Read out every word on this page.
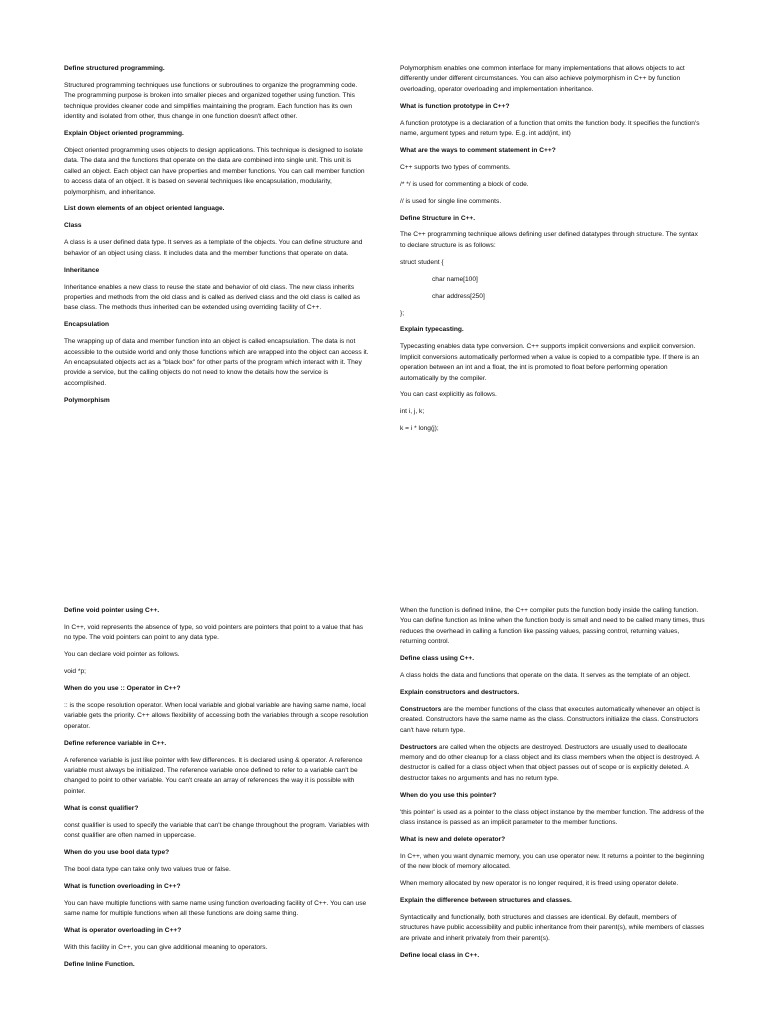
Define structured programming.

Structured programming techniques use functions or subroutines to organize the programming code. The programming purpose is broken into smaller pieces and organized together using function. This technique provides cleaner code and simplifies maintaining the program. Each function has its own identity and isolated from other, thus change in one function doesn't affect other.

Explain Object oriented programming.

Object oriented programming uses objects to design applications. This technique is designed to isolate data. The data and the functions that operate on the data are combined into single unit. This unit is called an object. Each object can have properties and member functions. You can call member function to access data of an object. It is based on several techniques like encapsulation, modularity, polymorphism, and inheritance.

List down elements of an object oriented language.

Class

A class is a user defined data type. It serves as a template of the objects. You can define structure and behavior of an object using class. It includes data and the member functions that operate on data.

Inheritance

Inheritance enables a new class to reuse the state and behavior of old class. The new class inherits properties and methods from the old class and is called as derived class and the old class is called as base class. The methods thus inherited can be extended using overriding facility of C++.

Encapsulation

The wrapping up of data and member function into an object is called encapsulation. The data is not accessible to the outside world and only those functions which are wrapped into the object can access it. An encapsulated objects act as a "black box" for other parts of the program which interact with it. They provide a service, but the calling objects do not need to know the details how the service is accomplished.

Polymorphism

Polymorphism enables one common interface for many implementations that allows objects to act differently under different circumstances. You can also achieve polymorphism in C++ by function overloading, operator overloading and implementation inheritance.

What is function prototype in C++?

A function prototype is a declaration of a function that omits the function body. It specifies the function's name, argument types and return type. E.g. int add(int, int)

What are the ways to comment statement in C++?

C++ supports two types of comments.

/* */ is used for commenting a block of code.

// is used for single line comments.

Define Structure in C++.

The C++ programming technique allows defining user defined datatypes through structure. The syntax to declare structure is as follows:

struct student {

char name[100]

char address[250]

};

Explain typecasting.

Typecasting enables data type conversion. C++ supports implicit conversions and explicit conversion. Implicit conversions automatically performed when a value is copied to a compatible type. If there is an operation between an int and a float, the int is promoted to float before performing operation automatically by the compiler.

You can cast explicitly as follows.

int i, j, k;

k = i * long(j);

Define void pointer using C++.

In C++, void represents the absence of type, so void pointers are pointers that point to a value that has no type. The void pointers can point to any data type.

You can declare void pointer as follows.

void *p;

When do you use :: Operator in C++?

:: is the scope resolution operator. When local variable and global variable are having same name, local variable gets the priority. C++ allows flexibility of accessing both the variables through a scope resolution operator.

Define reference variable in C++.

A reference variable is just like pointer with few differences. It is declared using & operator. A reference variable must always be initialized. The reference variable once defined to refer to a variable can't be changed to point to other variable. You can't create an array of references the way it is possible with pointer.

What is const qualifier?

const qualifier is used to specify the variable that can't be change throughout the program. Variables with const qualifier are often named in uppercase.

When do you use bool data type?

The bool data type can take only two values true or false.

What is function overloading in C++?

You can have multiple functions with same name using function overloading facility of C++. You can use same name for multiple functions when all these functions are doing same thing.

What is operator overloading in C++?

With this facility in C++, you can give additional meaning to operators.

Define Inline Function.

When the function is defined Inline, the C++ compiler puts the function body inside the calling function. You can define function as Inline when the function body is small and need to be called many times, thus reduces the overhead in calling a function like passing values, passing control, returning values, returning control.

Define class using C++.

A class holds the data and functions that operate on the data. It serves as the template of an object.

Explain constructors and destructors.

Constructors are the member functions of the class that executes automatically whenever an object is created. Constructors have the same name as the class. Constructors initialize the class. Constructors can't have return type.

Destructors are called when the objects are destroyed. Destructors are usually used to deallocate memory and do other cleanup for a class object and its class members when the object is destroyed. A destructor is called for a class object when that object passes out of scope or is explicitly deleted. A destructor takes no arguments and has no return type.

When do you use this pointer?

'this pointer' is used as a pointer to the class object instance by the member function. The address of the class instance is passed as an implicit parameter to the member functions.

What is new and delete operator?

In C++, when you want dynamic memory, you can use operator new. It returns a pointer to the beginning of the new block of memory allocated.

When memory allocated by new operator is no longer required, it is freed using operator delete.

Explain the difference between structures and classes.

Syntactically and functionally, both structures and classes are identical. By default, members of structures have public accessibility and public inheritance from their parent(s), while members of classes are private and inherit privately from their parent(s).

Define local class in C++.
